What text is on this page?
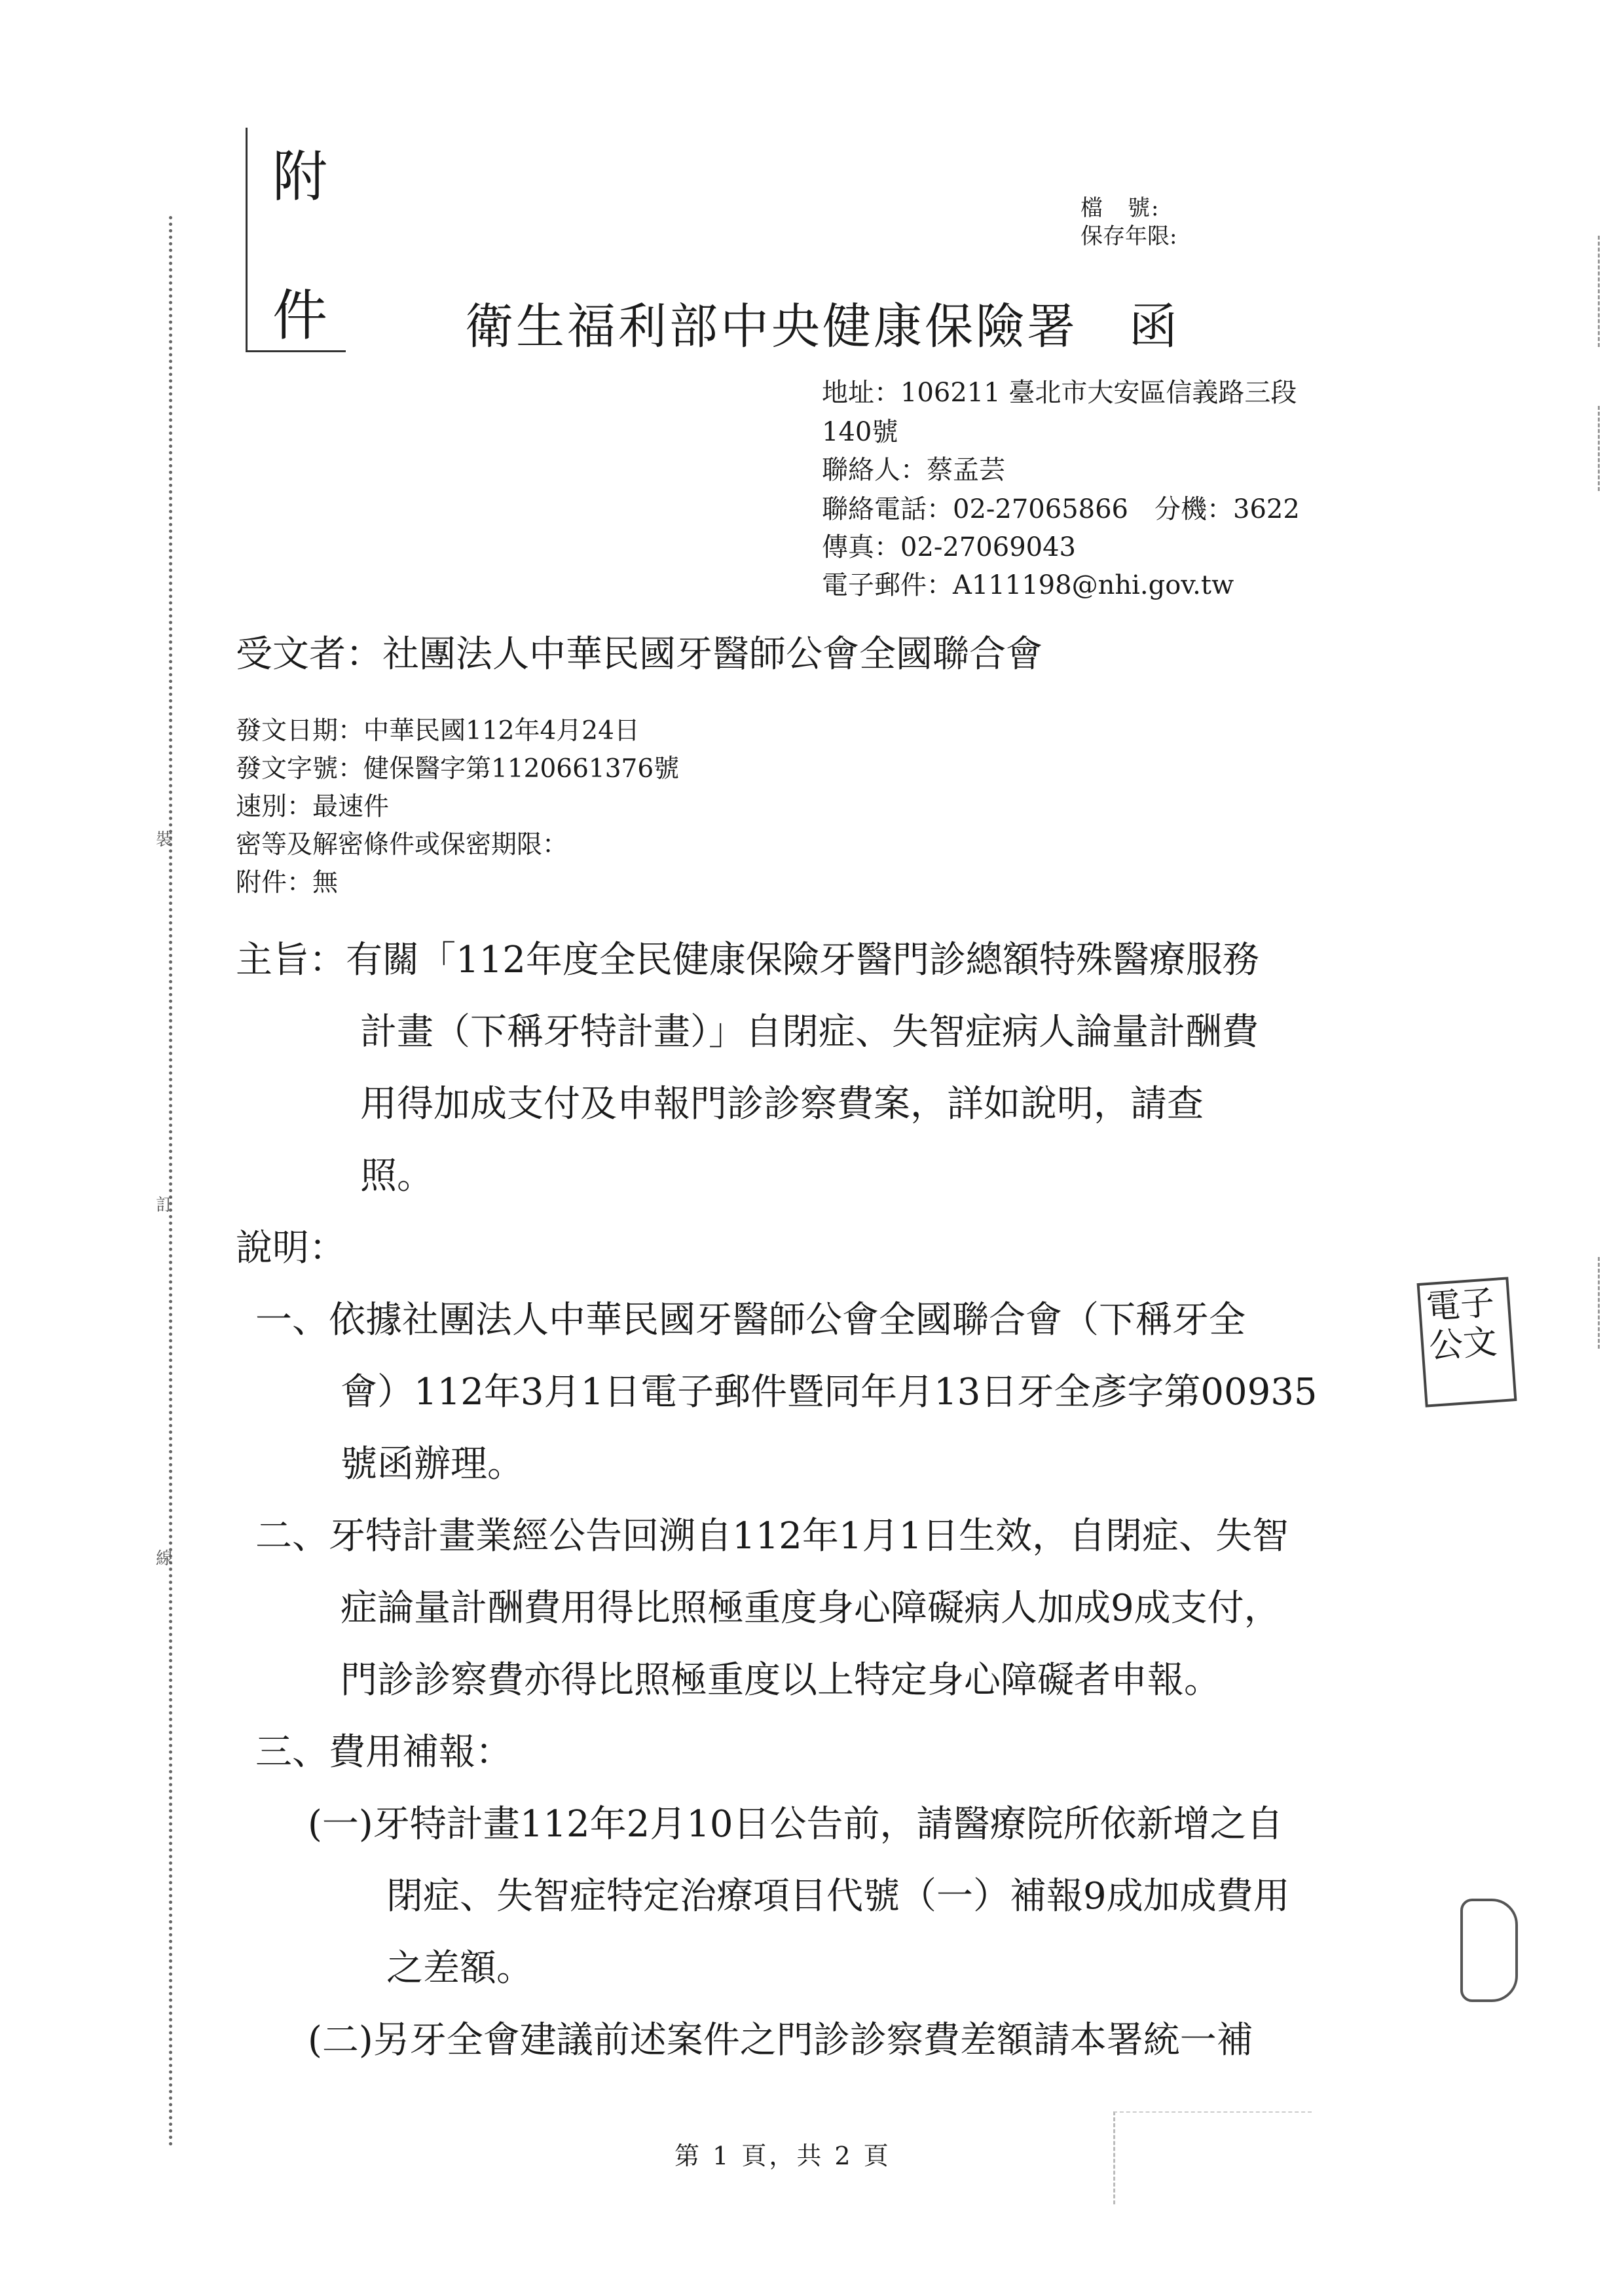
附
件
裝
訂
線
檔　號:
保存年限:
衛生福利部中央健康保險署　函
地址：106211 臺北市大安區信義路三段
140號
聯絡人：蔡孟芸
聯絡電話：02-27065866　分機：3622
傳真：02-27069043
電子郵件：A111198@nhi.gov.tw
受文者：社團法人中華民國牙醫師公會全國聯合會
發文日期：中華民國112年4月24日
發文字號：健保醫字第1120661376號
速別：最速件
密等及解密條件或保密期限：
附件：無
主旨：有關「112年度全民健康保險牙醫門診總額特殊醫療服務
計畫（下稱牙特計畫）」自閉症、失智症病人論量計酬費
用得加成支付及申報門診診察費案，詳如說明，請查
照。
說明：
一、依據社團法人中華民國牙醫師公會全國聯合會（下稱牙全
會）112年3月1日電子郵件暨同年月13日牙全彥字第00935
號函辦理。
二、牙特計畫業經公告回溯自112年1月1日生效，自閉症、失智
症論量計酬費用得比照極重度身心障礙病人加成9成支付，
門診診察費亦得比照極重度以上特定身心障礙者申報。
三、費用補報：
(一)牙特計畫112年2月10日公告前，請醫療院所依新增之自
閉症、失智症特定治療項目代號（一）補報9成加成費用
之差額。
(二)另牙全會建議前述案件之門診診察費差額請本署統一補
電子公文
第 1 頁，共 2 頁
